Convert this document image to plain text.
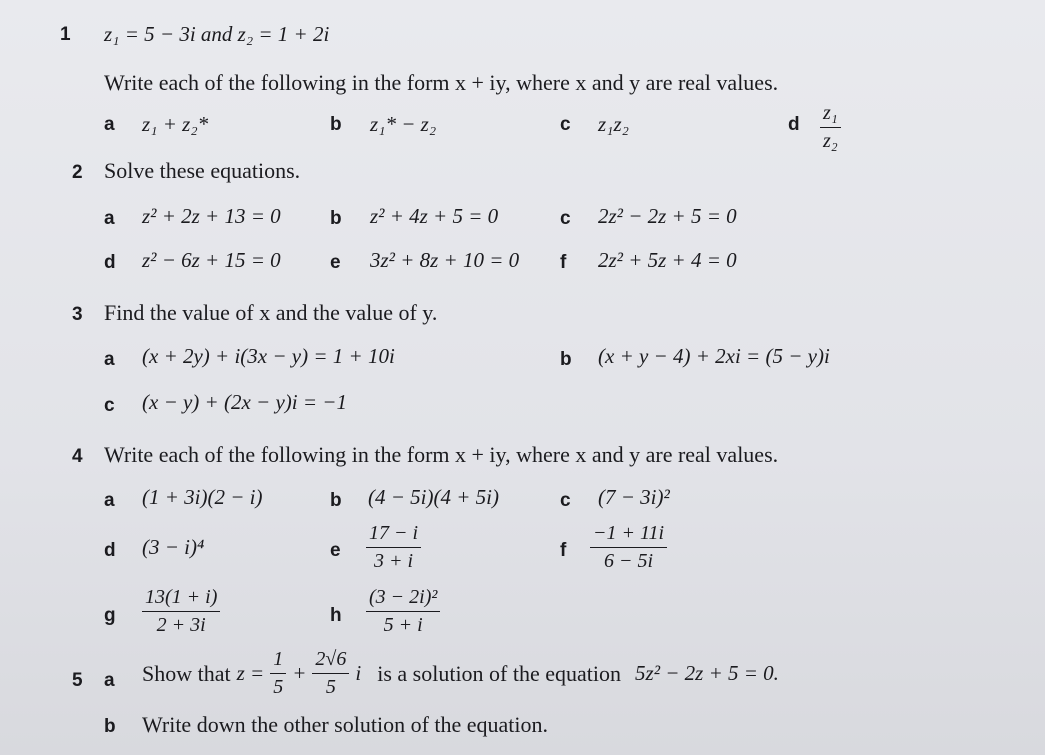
1 z₁ = 5 − 3i and z₂ = 1 + 2i
Write each of the following in the form x + iy, where x and y are real values.
a z₁ + z₂*	b z₁* − z₂	c z₁z₂	d $\frac{\text{z₁}}{\text{z₂}}$
2 Solve these equations.
a z² + 2z + 13 = 0	b z² + 4z + 5 = 0	c 2z² − 2z + 5 = 0
d z² − 6z + 15 = 0	e 3z² + 8z + 10 = 0 f 2z² + 5z + 4 = 0
3 Find the value of x and the value of y.
a (x + 2y) + i(3x − y) = 1 + 10i	b (x + y − 4) + 2xi = (5 − y)i
c (x − y) + (2x − y)i = −1
4 Write each of the following in the form x + iy, where x and y are real values.
a (1 + 3i)(2 − i)	b (4 − 5i)(4 + 5i)	c (7 − 3i)²
d (3 − i)⁴	e $\frac{17 - i}{3 + i}$	f $\frac{-1 + 11i}{6 - 5i}$
g $\frac{13(1 + i)}{2 + 3i}$	h $\frac{\text{(3 − 2i)²}}{5 + i}$
5 a Show that $z = \frac{1}{5} + \frac{2√6}{5}$ i is a solution of the equation 5z² − 2z + 5 = 0.
b Write down the other solution of the equation.
